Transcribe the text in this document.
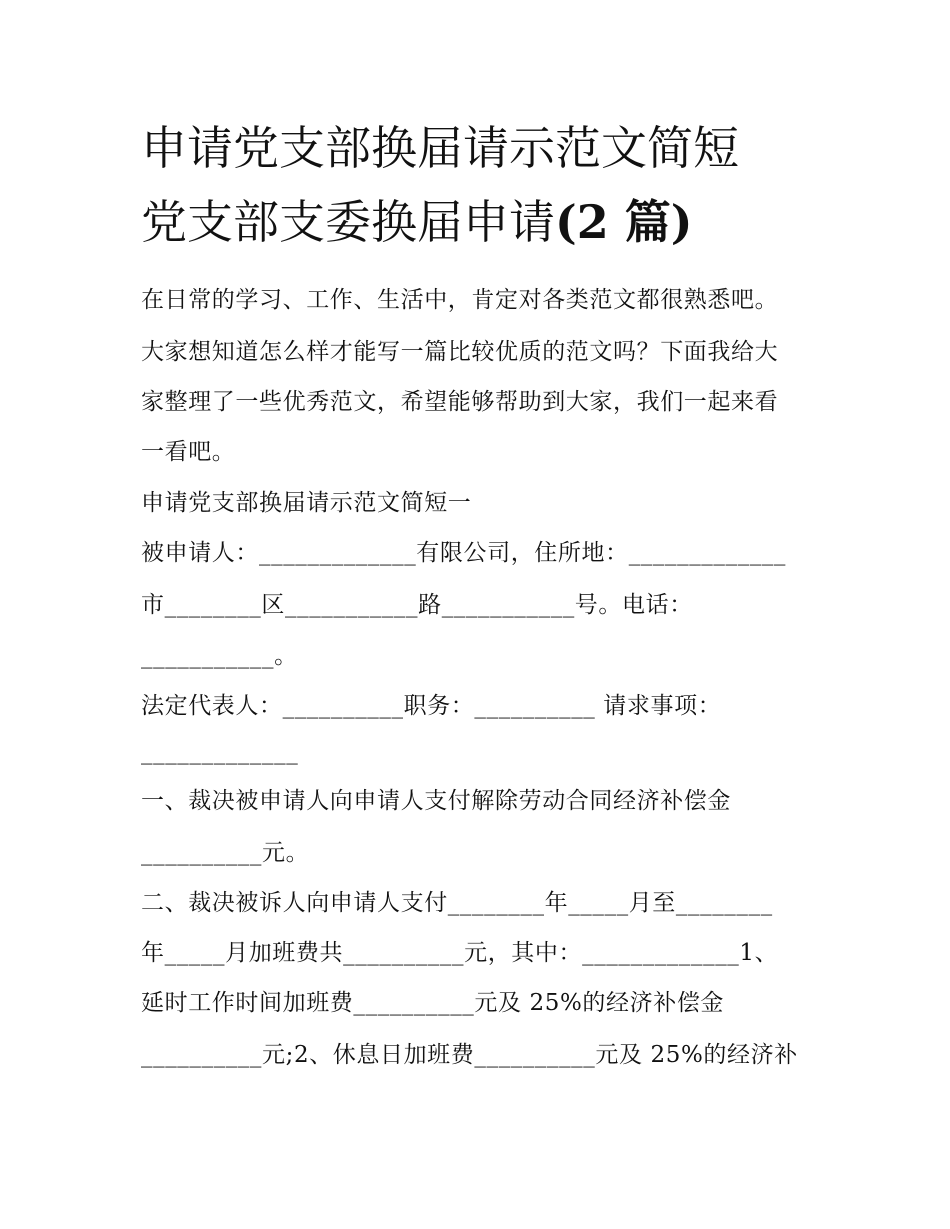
申请党支部换届请示范文简短
党支部支委换届申请(2 篇)
在日常的学习、工作、生活中，肯定对各类范文都很熟悉吧。
大家想知道怎么样才能写一篇比较优质的范文吗？下面我给大
家整理了一些优秀范文，希望能够帮助到大家，我们一起来看
一看吧。
申请党支部换届请示范文简短一
被申请人：_____________有限公司，住所地：_____________
市________区___________路___________号。电话：
___________。
法定代表人：__________职务：__________ 请求事项：
_____________
一、裁决被申请人向申请人支付解除劳动合同经济补偿金
__________元。
二、裁决被诉人向申请人支付________年_____月至________
年_____月加班费共__________元，其中：_____________1、
延时工作时间加班费__________元及 25%的经济补偿金
__________元;2、休息日加班费__________元及 25%的经济补
